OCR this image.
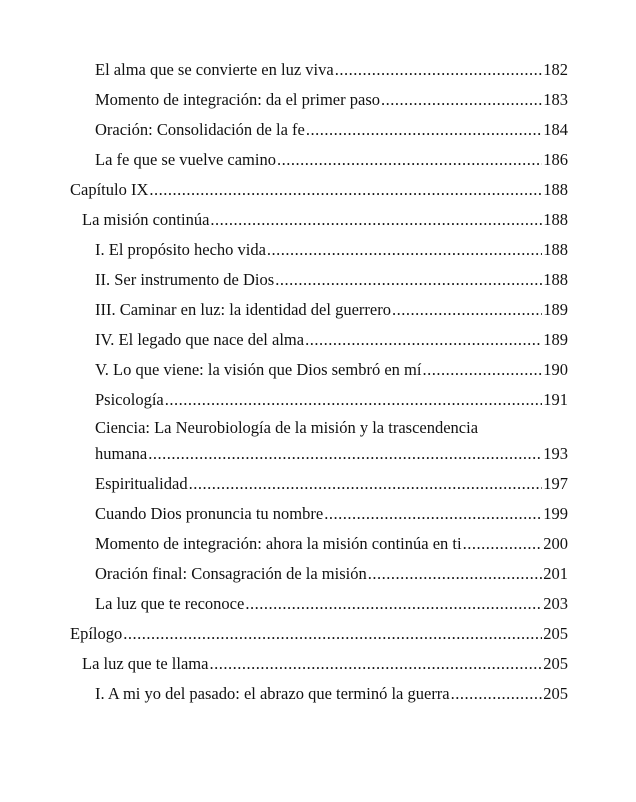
El alma que se convierte en luz viva .....	182
Momento de integración: da el primer paso .....	183
Oración: Consolidación de la fe .....	184
La fe que se vuelve camino .....	186
Capítulo IX .....	188
La misión continúa .....	188
I. El propósito hecho vida .....	188
II. Ser instrumento de Dios .....	188
III. Caminar en luz: la identidad del guerrero .....	189
IV. El legado que nace del alma .....	189
V. Lo que viene: la visión que Dios sembró en mí .....	190
Psicología .....	191
Ciencia: La Neurobiología de la misión y la trascendencia
humana .....	193
Espiritualidad .....	197
Cuando Dios pronuncia tu nombre .....	199
Momento de integración: ahora la misión continúa en ti .....	200
Oración final: Consagración de la misión .....	201
La luz que te reconoce .....	203
Epílogo .....	205
La luz que te llama .....	205
I. A mi yo del pasado: el abrazo que terminó la guerra .....	205
